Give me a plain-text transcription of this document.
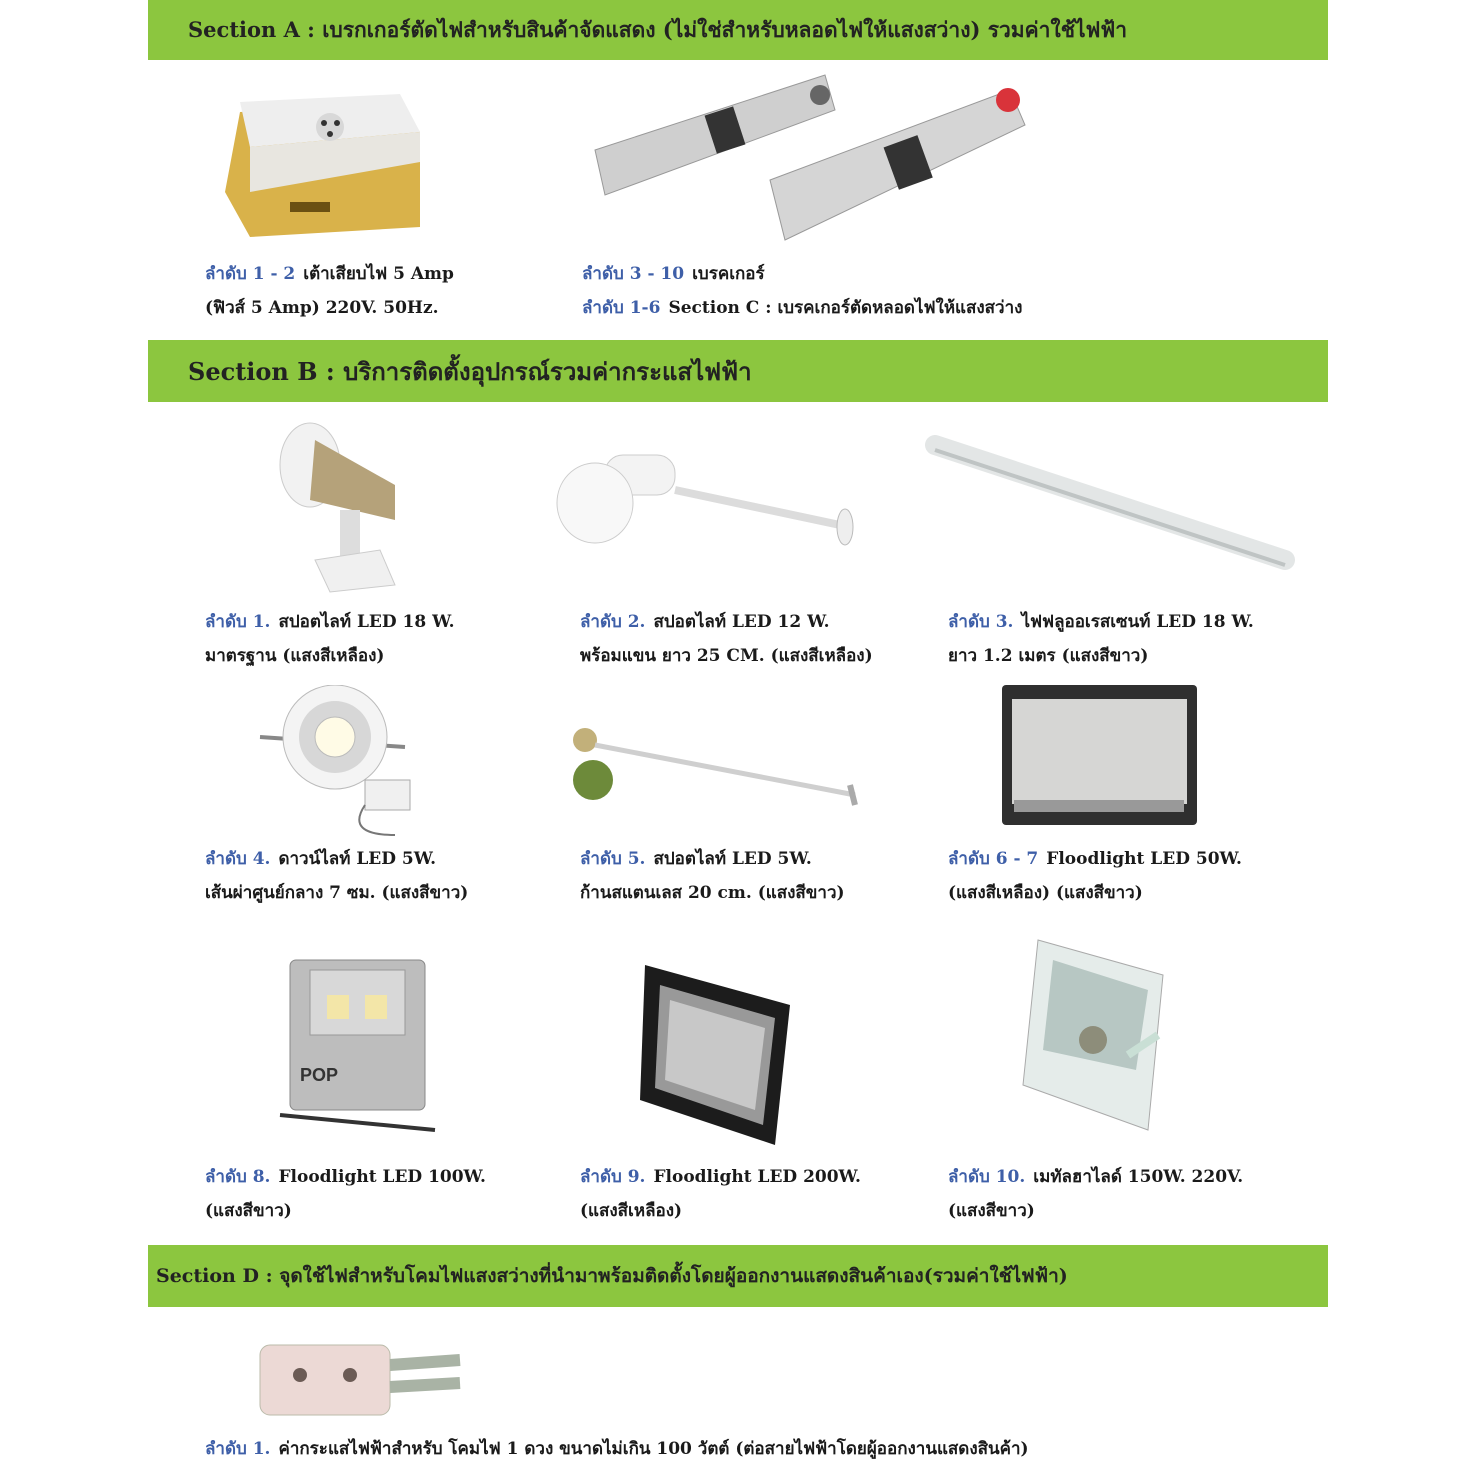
Section A : เบรกเกอร์ตัดไฟสำหรับสินค้าจัดแสดง (ไม่ใช่สำหรับหลอดไฟให้แสงสว่าง) รวมค่าใช้ไฟฟ้า
ลำดับ 1 - 2 เต้าเสียบไฟ 5 Amp
(ฟิวส์ 5 Amp) 220V. 50Hz.
ลำดับ 3 - 10 เบรคเกอร์
ลำดับ 1-6 Section C : เบรคเกอร์ตัดหลอดไฟให้แสงสว่าง
Section B : บริการติดตั้งอุปกรณ์รวมค่ากระแสไฟฟ้า
ลำดับ 1. สปอตไลท์ LED 18 W.
มาตรฐาน (แสงสีเหลือง)
ลำดับ 2. สปอตไลท์ LED 12 W.
พร้อมแขน ยาว 25 CM. (แสงสีเหลือง)
ลำดับ 3. ไฟฟลูออเรสเซนท์ LED 18 W.
ยาว 1.2 เมตร (แสงสีขาว)
ลำดับ 4. ดาวน์ไลท์ LED 5W.
เส้นผ่าศูนย์กลาง 7 ซม. (แสงสีขาว)
ลำดับ 5. สปอตไลท์ LED 5W.
ก้านสแตนเลส 20 cm. (แสงสีขาว)
ลำดับ 6 - 7 Floodlight LED 50W.
(แสงสีเหลือง) (แสงสีขาว)
POP
ลำดับ 8. Floodlight LED 100W.
(แสงสีขาว)
ลำดับ 9. Floodlight LED 200W.
(แสงสีเหลือง)
ลำดับ 10. เมทัลฮาไลด์ 150W. 220V.
(แสงสีขาว)
Section D : จุดใช้ไฟสำหรับโคมไฟแสงสว่างที่นำมาพร้อมติดตั้งโดยผู้ออกงานแสดงสินค้าเอง(รวมค่าใช้ไฟฟ้า)
ลำดับ 1. ค่ากระแสไฟฟ้าสำหรับ โคมไฟ 1 ดวง ขนาดไม่เกิน 100 วัตต์ (ต่อสายไฟฟ้าโดยผู้ออกงานแสดงสินค้า)
